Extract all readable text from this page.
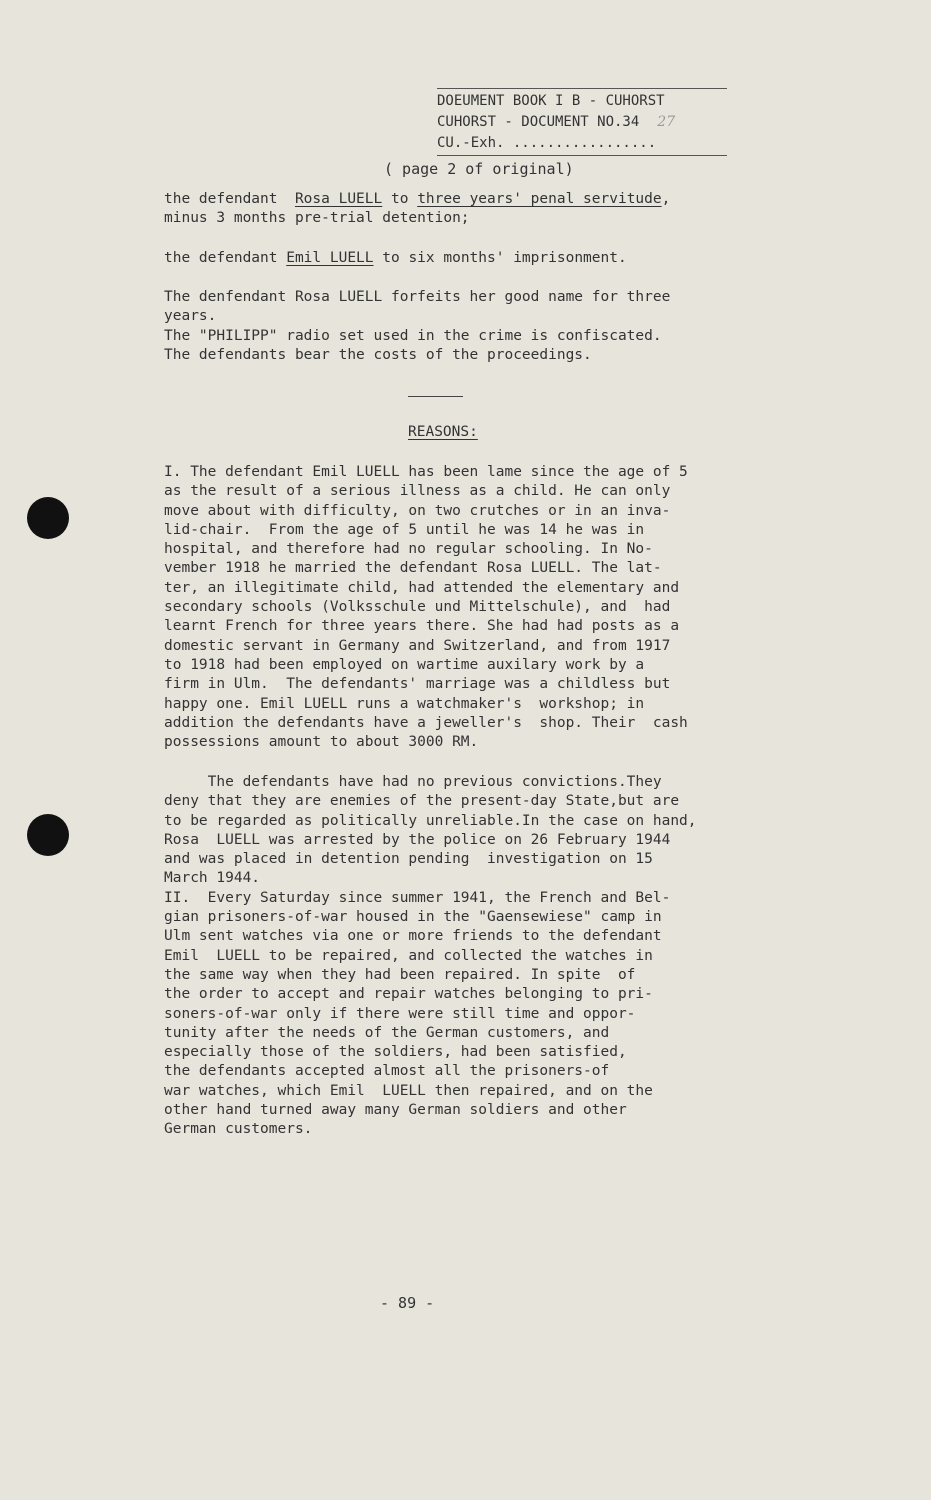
DOEUMENT BOOK I B - CUHORST
CUHORST - DOCUMENT NO.34 27
CU.-Exh. .................
( page 2 of original)
the defendant  Rosa LUELL to three years' penal servitude,
minus 3 months pre-trial detention;
the defendant Emil LUELL to six months' imprisonment.
The denfendant Rosa LUELL forfeits her good name for three
years.
The "PHILIPP" radio set used in the crime is confiscated.
The defendants bear the costs of the proceedings.
REASONS:
I. The defendant Emil LUELL has been lame since the age of 5
as the result of a serious illness as a child. He can only
move about with difficulty, on two crutches or in an inva-
lid-chair.  From the age of 5 until he was 14 he was in
hospital, and therefore had no regular schooling. In No-
vember 1918 he married the defendant Rosa LUELL. The lat-
ter, an illegitimate child, had attended the elementary and
secondary schools (Volksschule und Mittelschule), and  had
learnt French for three years there. She had had posts as a
domestic servant in Germany and Switzerland, and from 1917
to 1918 had been employed on wartime auxilary work by a
firm in Ulm.  The defendants' marriage was a childless but
happy one. Emil LUELL runs a watchmaker's  workshop; in
addition the defendants have a jeweller's  shop. Their  cash
possessions amount to about 3000 RM.
The defendants have had no previous convictions.They
deny that they are enemies of the present-day State,but are
to be regarded as politically unreliable.In the case on hand,
Rosa  LUELL was arrested by the police on 26 February 1944
and was placed in detention pending  investigation on 15
March 1944.
II.  Every Saturday since summer 1941, the French and Bel-
gian prisoners-of-war housed in the "Gaensewiese" camp in
Ulm sent watches via one or more friends to the defendant
Emil  LUELL to be repaired, and collected the watches in
the same way when they had been repaired. In spite  of
the order to accept and repair watches belonging to pri-
soners-of-war only if there were still time and oppor-
tunity after the needs of the German customers, and
especially those of the soldiers, had been satisfied,
the defendants accepted almost all the prisoners-of
war watches, which Emil  LUELL then repaired, and on the
other hand turned away many German soldiers and other
German customers.
- 89 -
